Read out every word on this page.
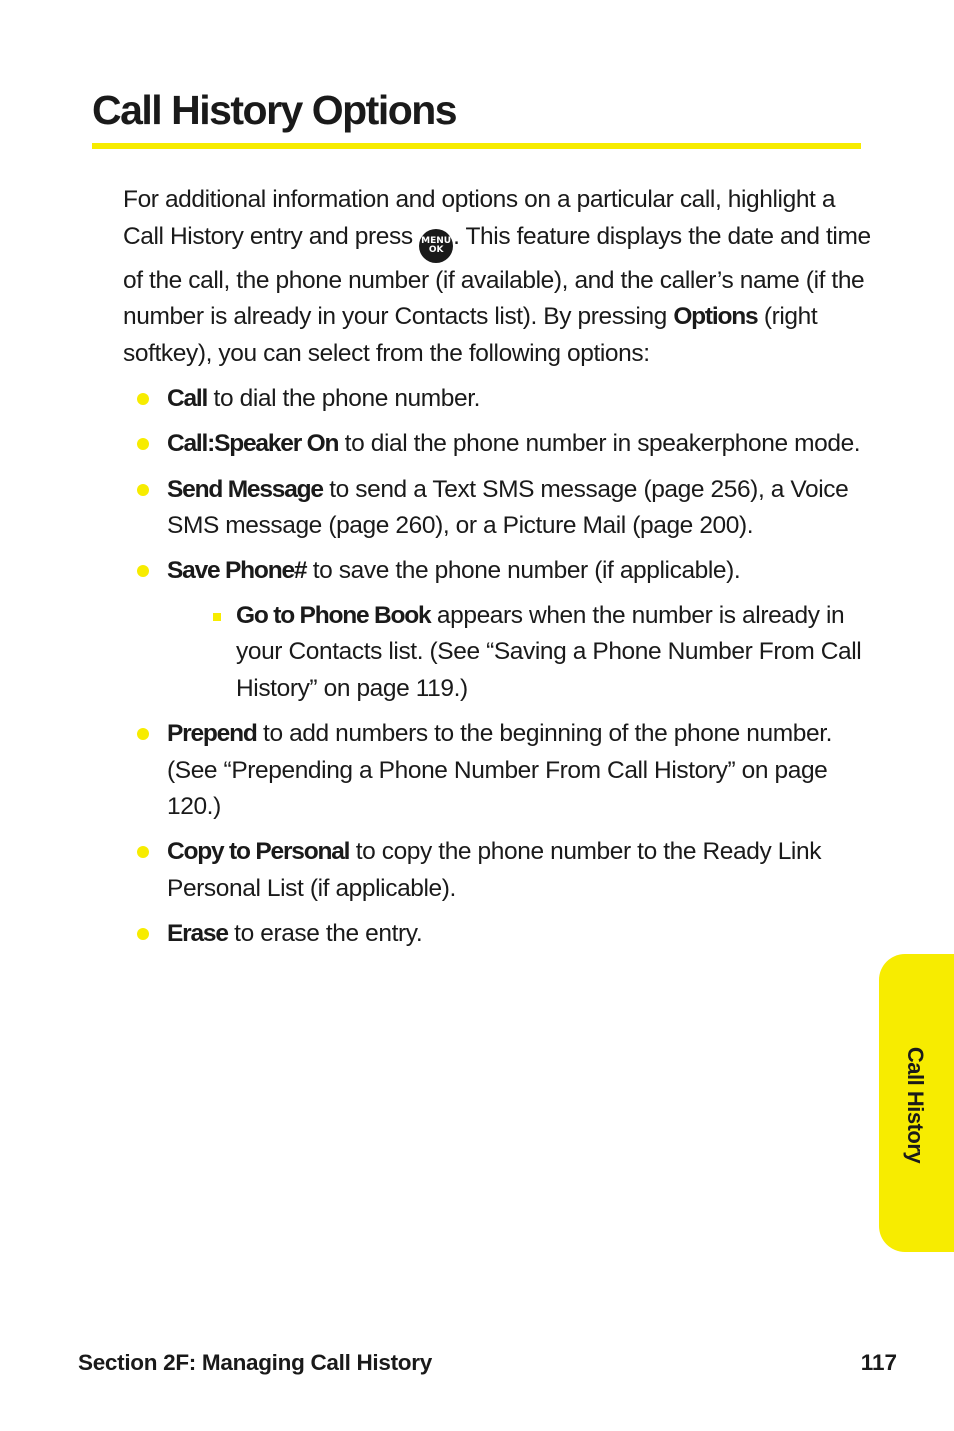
Call History Options

For additional information and options on a particular call, highlight a Call History entry and press MENU
OK . This feature displays the date and time of the call, the phone number (if available), and the caller’s name (if the number is already in your Contacts list). By pressing Options (right softkey), you can select from the following options:

Call to dial the phone number.
Call:Speaker On to dial the phone number in speakerphone mode.
Send Message to send a Text SMS message (page 256), a Voice SMS message (page 260), or a Picture Mail (page 200).
Save Phone# to save the phone number (if applicable).
Go to Phone Book appears when the number is already in your Contacts list. (See “Saving a Phone Number From Call History” on page 119.)
Prepend to add numbers to the beginning of the phone number. (See “Prepending a Phone Number From Call History” on page 120.)
Copy to Personal to copy the phone number to the Ready Link Personal List (if applicable).
Erase to erase the entry.
Call History
Section 2F: Managing Call History	117
